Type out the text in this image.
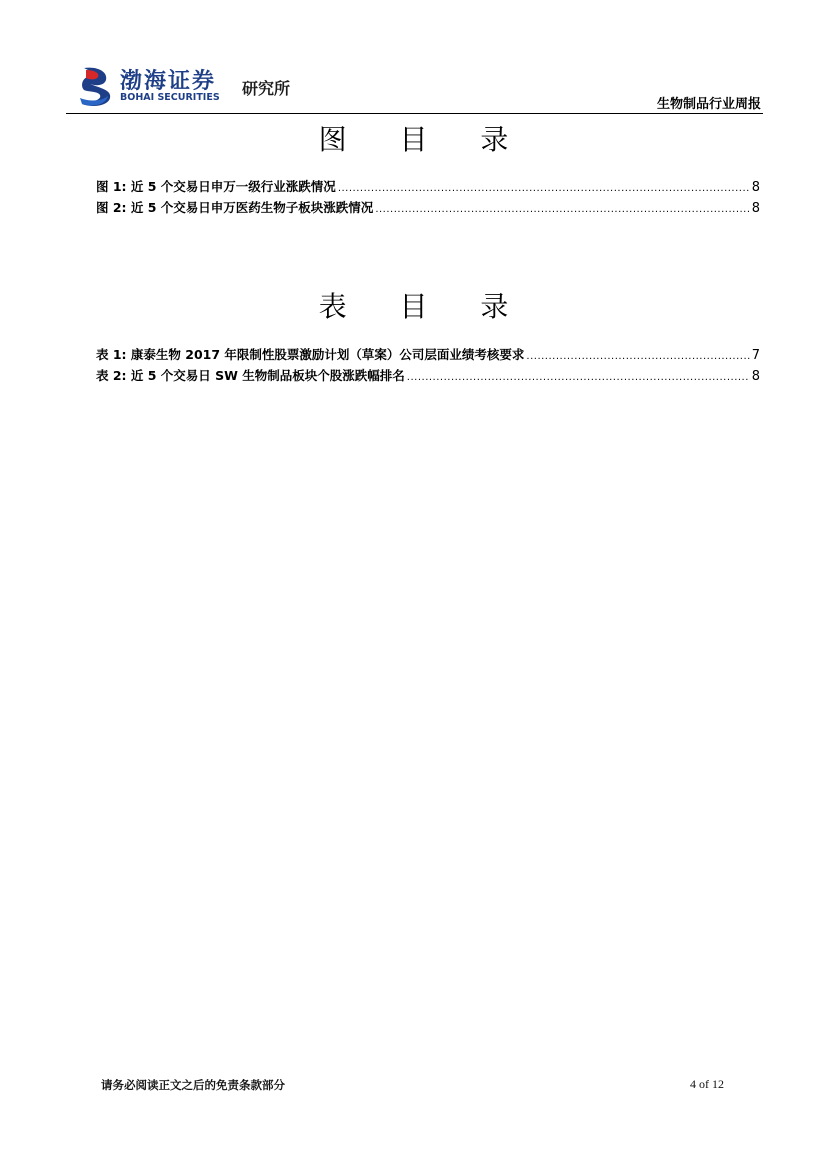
渤海证券
BOHAI SECURITIES 研究所
生物制品行业周报
图 目 录
图 1: 近 5 个交易日申万一级行业涨跌情况 .....	8
图 2: 近 5 个交易日申万医药生物子板块涨跌情况 .....	8
表 目 录
表 1: 康泰生物 2017 年限制性股票激励计划（草案）公司层面业绩考核要求 .....	7
表 2: 近 5 个交易日 SW 生物制品板块个股涨跌幅排名 .....	8
请务必阅读正文之后的免责条款部分	4 of 12
